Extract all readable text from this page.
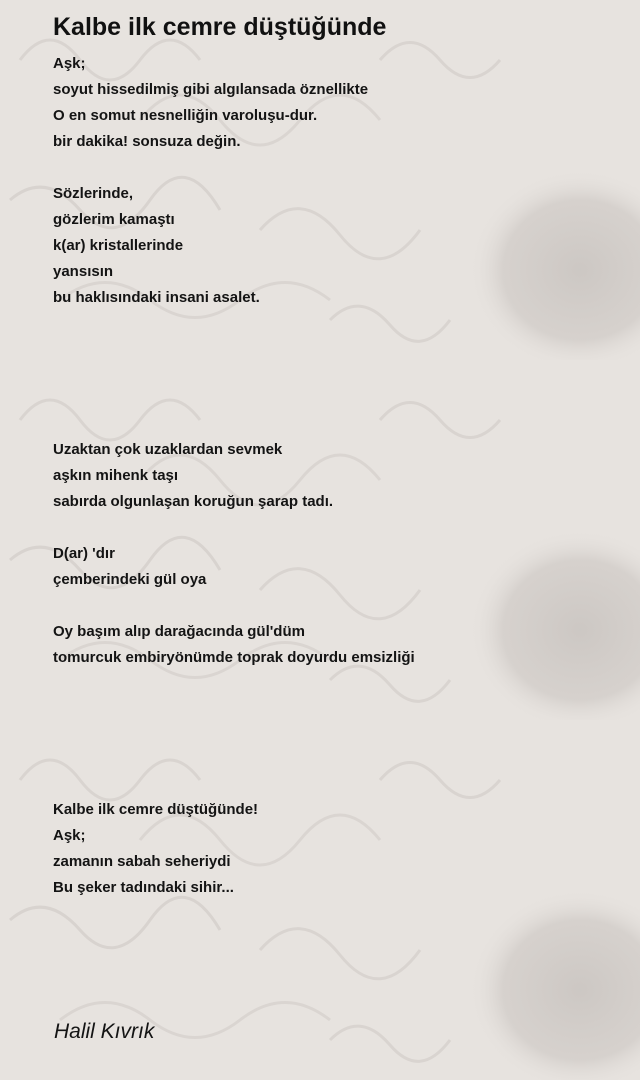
Kalbe ilk cemre düştüğünde
Aşk;
soyut hissedilmiş gibi algılansada öznellikte
O en somut nesnelliğin varoluşu-dur.
bir dakika! sonsuza değin.
Sözlerinde,
gözlerim kamaştı
k(ar) kristallerinde
yansısın
bu haklısındaki insani asalet.
Uzaktan çok uzaklardan sevmek
aşkın mihenk taşı
sabırda olgunlaşan koruğun şarap tadı.
D(ar) 'dır
çemberindeki gül oya
Oy başım alıp darağacında gül'düm
tomurcuk embiryönümde toprak doyurdu emsizliği
Kalbe ilk cemre düştüğünde!
Aşk;
zamanın sabah seheriydi
Bu şeker tadındaki sihir...
Halil Kıvrık
